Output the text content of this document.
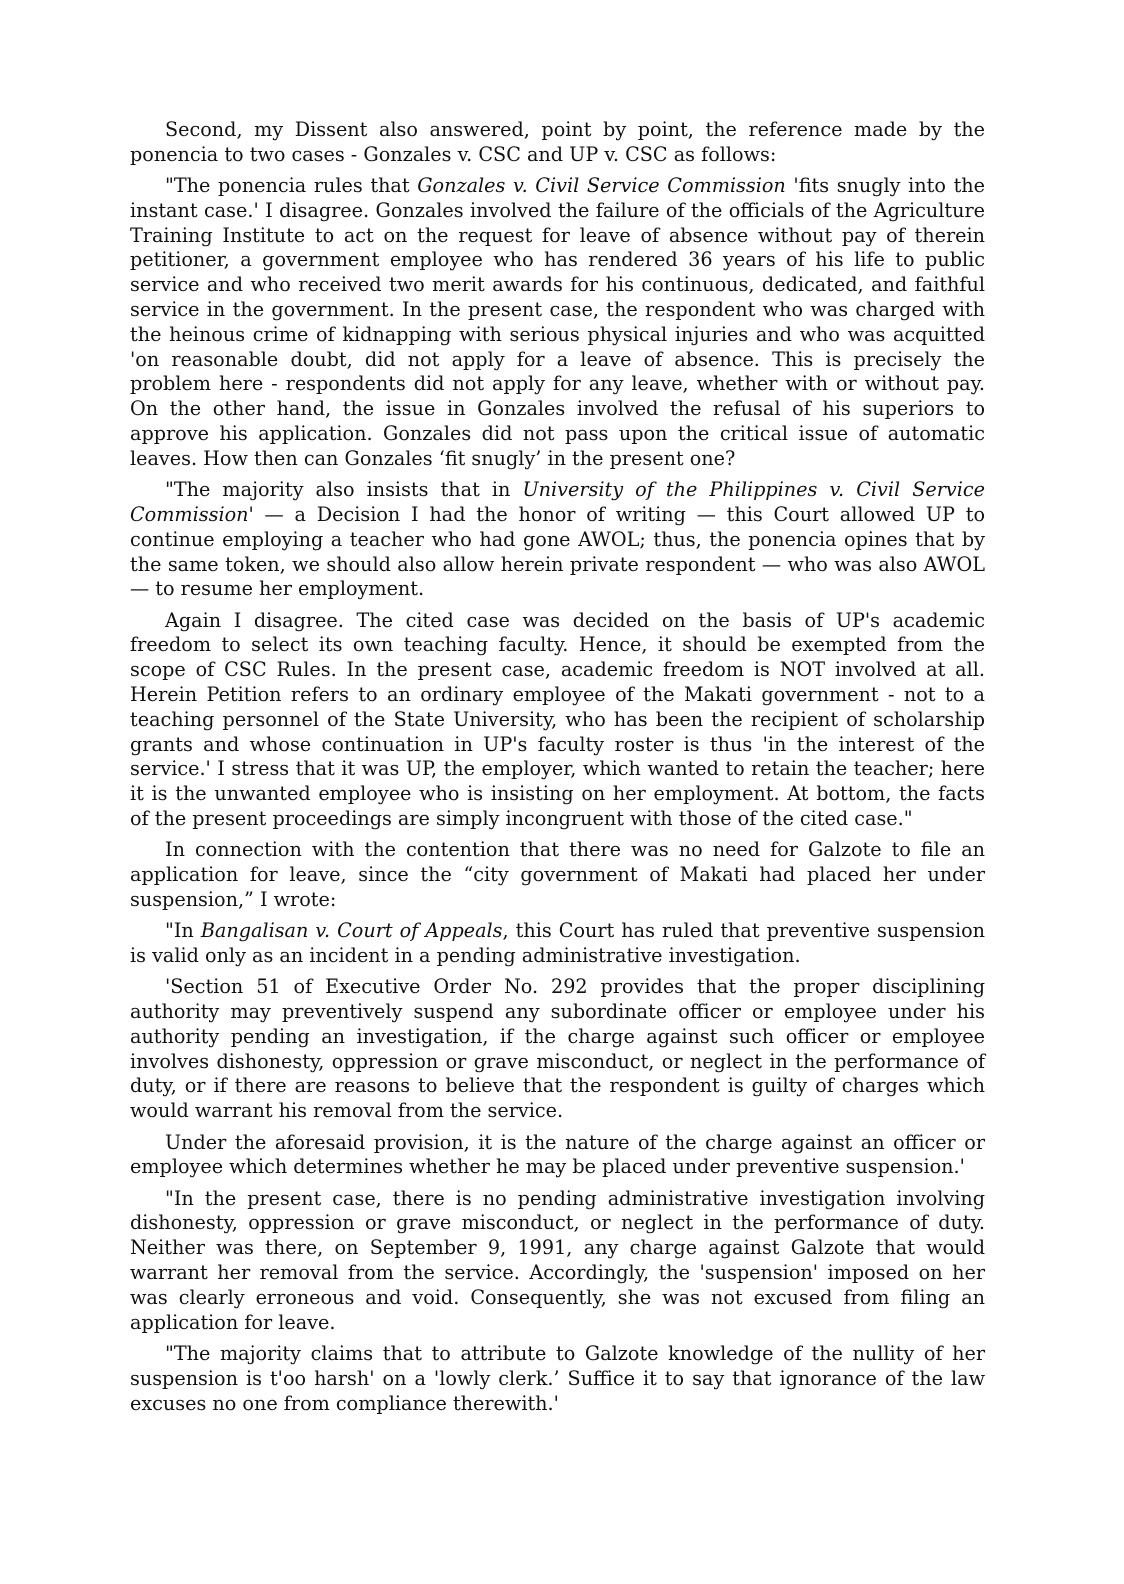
Second, my Dissent also answered, point by point, the reference made by the ponencia to two cases - Gonzales v. CSC and UP v. CSC as follows:

"The ponencia rules that Gonzales v. Civil Service Commission 'fits snugly into the instant case.' I disagree. Gonzales involved the failure of the officials of the Agriculture Training Institute to act on the request for leave of absence without pay of therein petitioner, a government employee who has rendered 36 years of his life to public service and who received two merit awards for his continuous, dedicated, and faithful service in the government. In the present case, the respondent who was charged with the heinous crime of kidnapping with serious physical injuries and who was acquitted 'on reasonable doubt, did not apply for a leave of absence. This is precisely the problem here - respondents did not apply for any leave, whether with or without pay. On the other hand, the issue in Gonzales involved the refusal of his superiors to approve his application. Gonzales did not pass upon the critical issue of automatic leaves. How then can Gonzales ‘fit snugly’ in the present one?

"The majority also insists that in University of the Philippines v. Civil Service Commission' — a Decision I had the honor of writing — this Court allowed UP to continue employing a teacher who had gone AWOL; thus, the ponencia opines that by the same token, we should also allow herein private respondent — who was also AWOL — to resume her employment.

Again I disagree. The cited case was decided on the basis of UP's academic freedom to select its own teaching faculty. Hence, it should be exempted from the scope of CSC Rules. In the present case, academic freedom is NOT involved at all. Herein Petition refers to an ordinary employee of the Makati government - not to a teaching personnel of the State University, who has been the recipient of scholarship grants and whose continuation in UP's faculty roster is thus 'in the interest of the service.' I stress that it was UP, the employer, which wanted to retain the teacher; here it is the unwanted employee who is insisting on her employment. At bottom, the facts of the present proceedings are simply incongruent with those of the cited case."

In connection with the contention that there was no need for Galzote to file an application for leave, since the “city government of Makati had placed her under suspension,” I wrote:

"In Bangalisan v. Court of Appeals, this Court has ruled that preventive suspension is valid only as an incident in a pending administrative investigation.

'Section 51 of Executive Order No. 292 provides that the proper disciplining authority may preventively suspend any subordinate officer or employee under his authority pending an investigation, if the charge against such officer or employee involves dishonesty, oppression or grave misconduct, or neglect in the performance of duty, or if there are reasons to believe that the respondent is guilty of charges which would warrant his removal from the service.

Under the aforesaid provision, it is the nature of the charge against an officer or employee which determines whether he may be placed under preventive suspension.'

"In the present case, there is no pending administrative investigation involving dishonesty, oppression or grave misconduct, or neglect in the performance of duty. Neither was there, on September 9, 1991, any charge against Galzote that would warrant her removal from the service. Accordingly, the 'suspension' imposed on her was clearly erroneous and void. Consequently, she was not excused from filing an application for leave.

"The majority claims that to attribute to Galzote knowledge of the nullity of her suspension is t'oo harsh' on a 'lowly clerk.’ Suffice it to say that ignorance of the law excuses no one from compliance therewith.'
